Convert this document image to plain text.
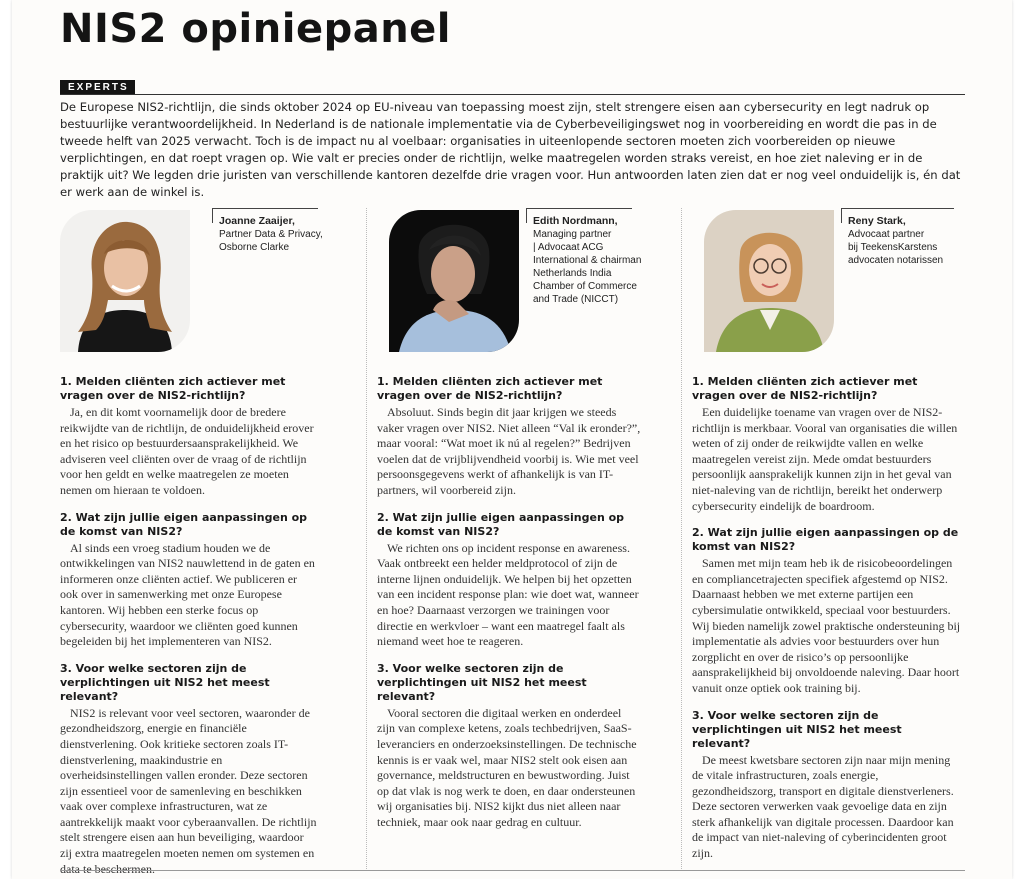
NIS2 opiniepanel
EXPERTS

De Europese NIS2-richtlijn, die sinds oktober 2024 op EU-niveau van toepassing moest zijn, stelt strengere eisen aan cybersecurity en legt nadruk op bestuurlijke verantwoordelijkheid. In Nederland is de nationale implementatie via de Cyberbeveiligingswet nog in voorbereiding en wordt die pas in de tweede helft van 2025 verwacht. Toch is de impact nu al voelbaar: organisaties in uiteenlopende sectoren moeten zich voorbereiden op nieuwe verplichtingen, en dat roept vragen op. Wie valt er precies onder de richtlijn, welke maatregelen worden straks vereist, en hoe ziet naleving er in de praktijk uit? We legden drie juristen van verschillende kantoren dezelfde drie vragen voor. Hun antwoorden laten zien dat er nog veel onduidelijk is, én dat er werk aan de winkel is.

Joanne Zaaijer,

Partner Data & Privacy,

Osborne Clarke

Edith Nordmann,

Managing partner

| Advocaat ACG

International & chairman

Netherlands India

Chamber of Commerce

and Trade (NICCT)

Reny Stark,

Advocaat partner

bij TeekensKarstens

advocaten notarissen

1. Melden cliënten zich actiever met vragen over de NIS2-richtlijn?

Ja, en dit komt voornamelijk door de bredere reikwijdte van de richtlijn, de onduidelijkheid erover en het risico op bestuurdersaansprakelijkheid. We adviseren veel cliënten over de vraag of de richtlijn voor hen geldt en welke maatregelen ze moeten nemen om hieraan te voldoen.

2. Wat zijn jullie eigen aanpassingen op de komst van NIS2?

Al sinds een vroeg stadium houden we de ontwikkelingen van NIS2 nauwlettend in de gaten en informeren onze cliënten actief. We publiceren er ook over in samenwerking met onze Europese kantoren. Wij hebben een sterke focus op cybersecurity, waardoor we cliënten goed kunnen begeleiden bij het implementeren van NIS2.

3. Voor welke sectoren zijn de verplichtingen uit NIS2 het meest relevant?

NIS2 is relevant voor veel sectoren, waaronder de gezondheidszorg, energie en financiële dienstverlening. Ook kritieke sectoren zoals IT-dienstverlening, maakindustrie en overheidsinstellingen vallen eronder. Deze sectoren zijn essentieel voor de samenleving en beschikken vaak over complexe infrastructuren, wat ze aantrekkelijk maakt voor cyberaanvallen. De richtlijn stelt strengere eisen aan hun beveiliging, waardoor zij extra maatregelen moeten nemen om systemen en data te beschermen.

1. Melden cliënten zich actiever met vragen over de NIS2-richtlijn?

Absoluut. Sinds begin dit jaar krijgen we steeds vaker vragen over NIS2. Niet alleen “Val ik eronder?”, maar vooral: “Wat moet ik nú al regelen?” Bedrijven voelen dat de vrijblijvendheid voorbij is. Wie met veel persoonsgegevens werkt of afhankelijk is van IT-partners, wil voorbereid zijn.

2. Wat zijn jullie eigen aanpassingen op de komst van NIS2?

We richten ons op incident response en awareness. Vaak ontbreekt een helder meldprotocol of zijn de interne lijnen onduidelijk. We helpen bij het opzetten van een incident response plan: wie doet wat, wanneer en hoe? Daarnaast verzorgen we trainingen voor directie en werkvloer – want een maatregel faalt als niemand weet hoe te reageren.

3. Voor welke sectoren zijn de verplichtingen uit NIS2 het meest relevant?

Vooral sectoren die digitaal werken en onderdeel zijn van complexe ketens, zoals techbedrijven, SaaS-leveranciers en onderzoeksinstellingen. De technische kennis is er vaak wel, maar NIS2 stelt ook eisen aan governance, meldstructuren en bewustwording. Juist op dat vlak is nog werk te doen, en daar ondersteunen wij organisaties bij. NIS2 kijkt dus niet alleen naar techniek, maar ook naar gedrag en cultuur.

1. Melden cliënten zich actiever met vragen over de NIS2-richtlijn?

Een duidelijke toename van vragen over de NIS2-richtlijn is merkbaar. Vooral van organisaties die willen weten of zij onder de reikwijdte vallen en welke maatregelen vereist zijn. Mede omdat bestuurders persoonlijk aansprakelijk kunnen zijn in het geval van niet-naleving van de richtlijn, bereikt het onderwerp cybersecurity eindelijk de boardroom.

2. Wat zijn jullie eigen aanpassingen op de komst van NIS2?

Samen met mijn team heb ik de risicobeoordelingen en compliancetrajecten specifiek afgestemd op NIS2. Daarnaast hebben we met externe partijen een cybersimulatie ontwikkeld, speciaal voor bestuurders. Wij bieden namelijk zowel praktische ondersteuning bij implementatie als advies voor bestuurders over hun zorgplicht en over de risico’s op persoonlijke aansprakelijkheid bij onvoldoende naleving. Daar hoort vanuit onze optiek ook training bij.

3. Voor welke sectoren zijn de verplichtingen uit NIS2 het meest relevant?

De meest kwetsbare sectoren zijn naar mijn mening de vitale infrastructuren, zoals energie, gezondheidszorg, transport en digitale dienstverleners. Deze sectoren verwerken vaak gevoelige data en zijn sterk afhankelijk van digitale processen. Daardoor kan de impact van niet-naleving of cyberincidenten groot zijn.
